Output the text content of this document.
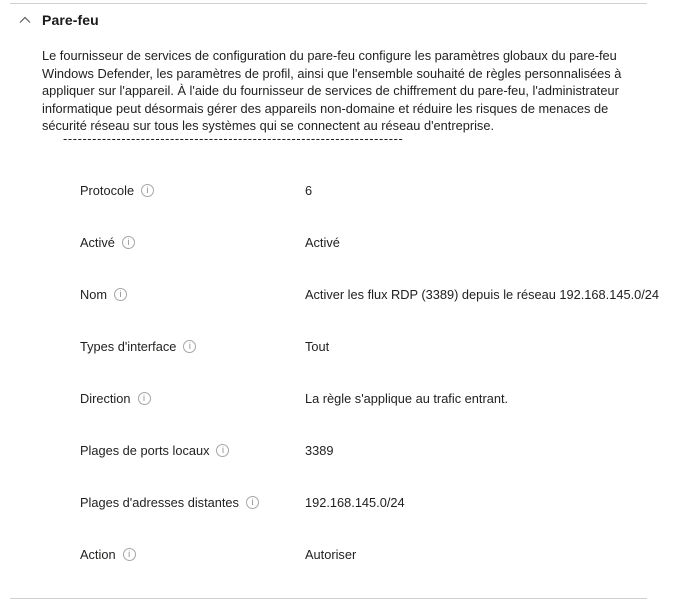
Pare-feu
Le fournisseur de services de configuration du pare-feu configure les paramètres globaux du pare-feu Windows Defender, les paramètres de profil, ainsi que l'ensemble souhaité de règles personnalisées à appliquer sur l'appareil. À l'aide du fournisseur de services de chiffrement du pare-feu, l'administrateur informatique peut désormais gérer des appareils non-domaine et réduire les risques de menaces de sécurité réseau sur tous les systèmes qui se connectent au réseau d'entreprise.
----------------------------------------------------------------------
Protocole	i	6
Activé	i	Activé
Nom	i	Activer les flux RDP (3389) depuis le réseau 192.168.145.0/24
Types d'interface	i	Tout
Direction	i	La règle s'applique au trafic entrant.
Plages de ports locaux	i	3389
Plages d'adresses distantes	i	192.168.145.0/24
Action	i	Autoriser
